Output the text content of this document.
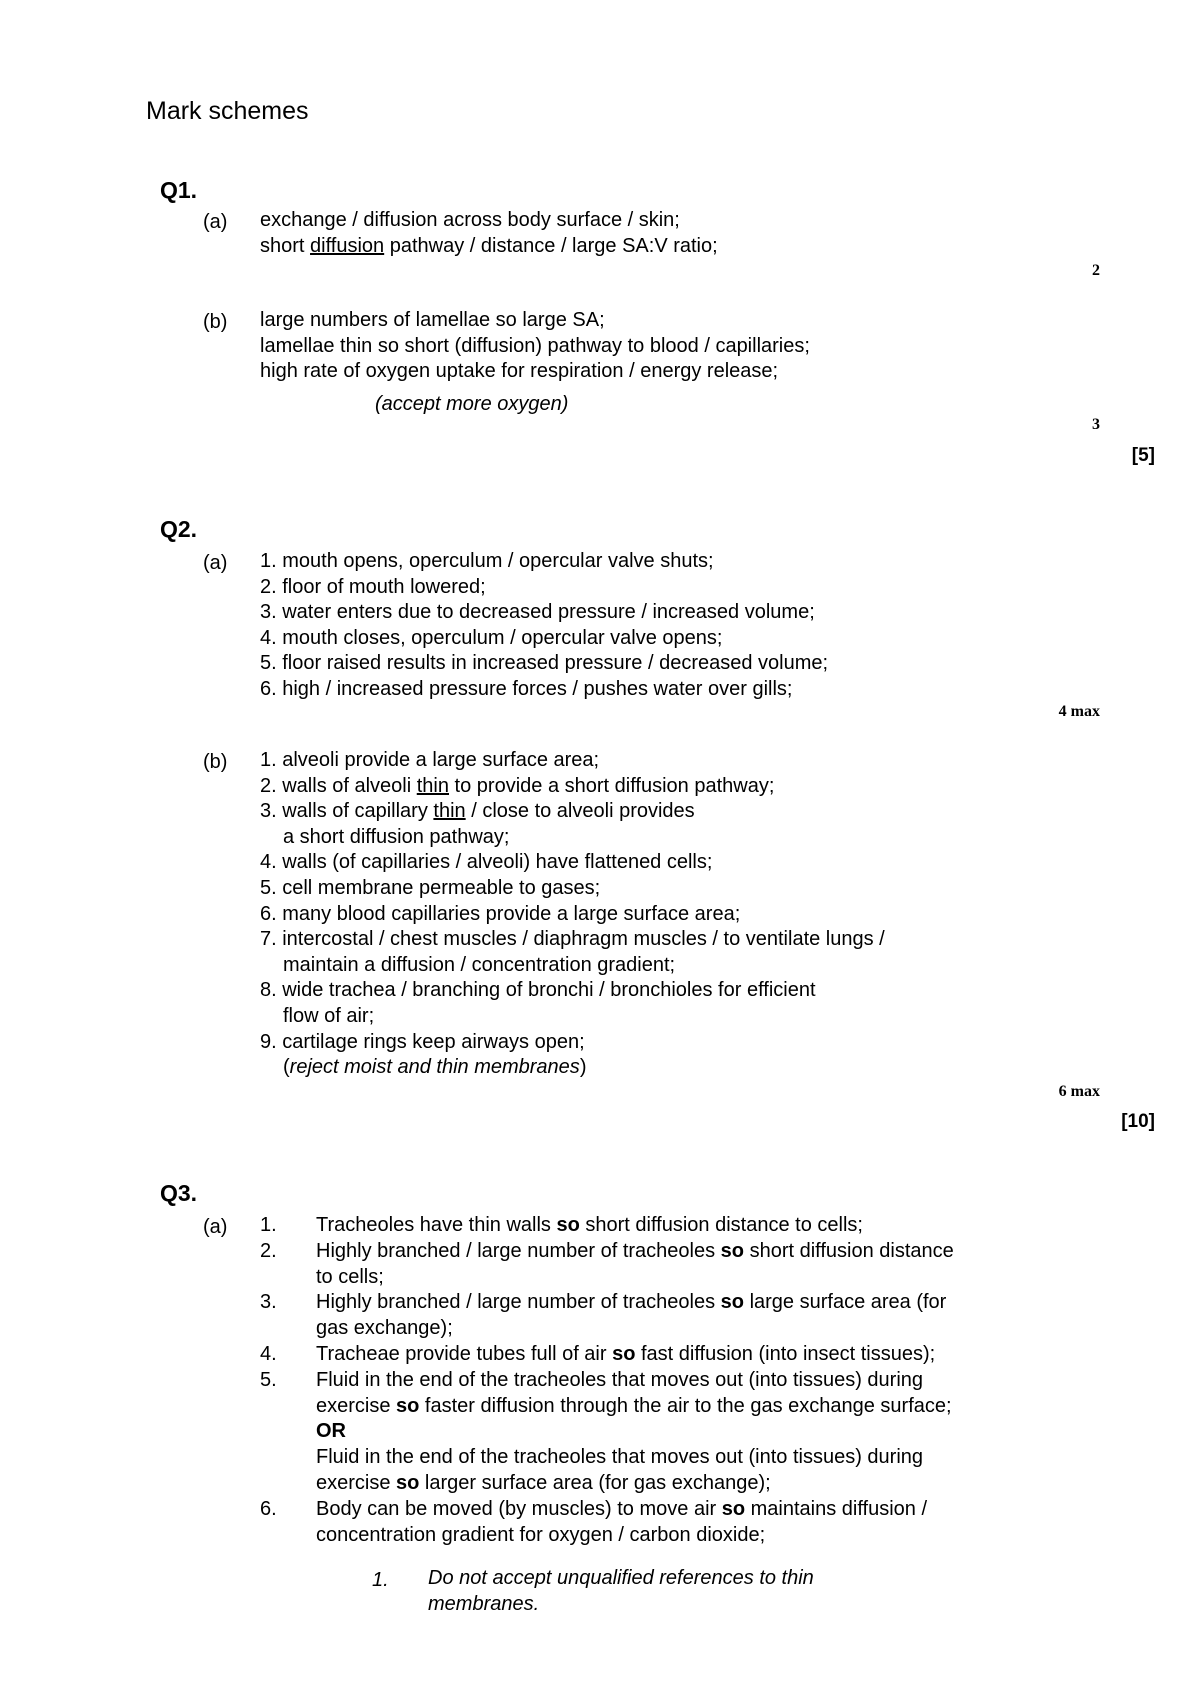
Mark schemes
Q1.
(a) exchange / diffusion across body surface / skin;
short diffusion pathway / distance / large SA:V ratio;
2
(b) large numbers of lamellae so large SA;
lamellae thin so short (diffusion) pathway to blood / capillaries;
high rate of oxygen uptake for respiration / energy release;
(accept more oxygen)
3
[5]
Q2.
(a) 1. mouth opens, operculum / opercular valve shuts;
2. floor of mouth lowered;
3. water enters due to decreased pressure / increased volume;
4. mouth closes, operculum / opercular valve opens;
5. floor raised results in increased pressure / decreased volume;
6. high / increased pressure forces / pushes water over gills;
4 max
(b) 1. alveoli provide a large surface area;
2. walls of alveoli thin to provide a short diffusion pathway;
3. walls of capillary thin / close to alveoli provides
a short diffusion pathway;
4. walls (of capillaries / alveoli) have flattened cells;
5. cell membrane permeable to gases;
6. many blood capillaries provide a large surface area;
7. intercostal / chest muscles / diaphragm muscles / to ventilate lungs /
maintain a diffusion / concentration gradient;
8. wide trachea / branching of bronchi / bronchioles for efficient
flow of air;
9. cartilage rings keep airways open;
(reject moist and thin membranes)
6 max
[10]
Q3.
(a) 1. Tracheoles have thin walls so short diffusion distance to cells;
2. Highly branched / large number of tracheoles so short diffusion distance
to cells;
3. Highly branched / large number of tracheoles so large surface area (for
gas exchange);
4. Tracheae provide tubes full of air so fast diffusion (into insect tissues);
5. Fluid in the end of the tracheoles that moves out (into tissues) during
exercise so faster diffusion through the air to the gas exchange surface;
OR
Fluid in the end of the tracheoles that moves out (into tissues) during
exercise so larger surface area (for gas exchange);
6. Body can be moved (by muscles) to move air so maintains diffusion /
concentration gradient for oxygen / carbon dioxide;
1. Do not accept unqualified references to thin
membranes.
